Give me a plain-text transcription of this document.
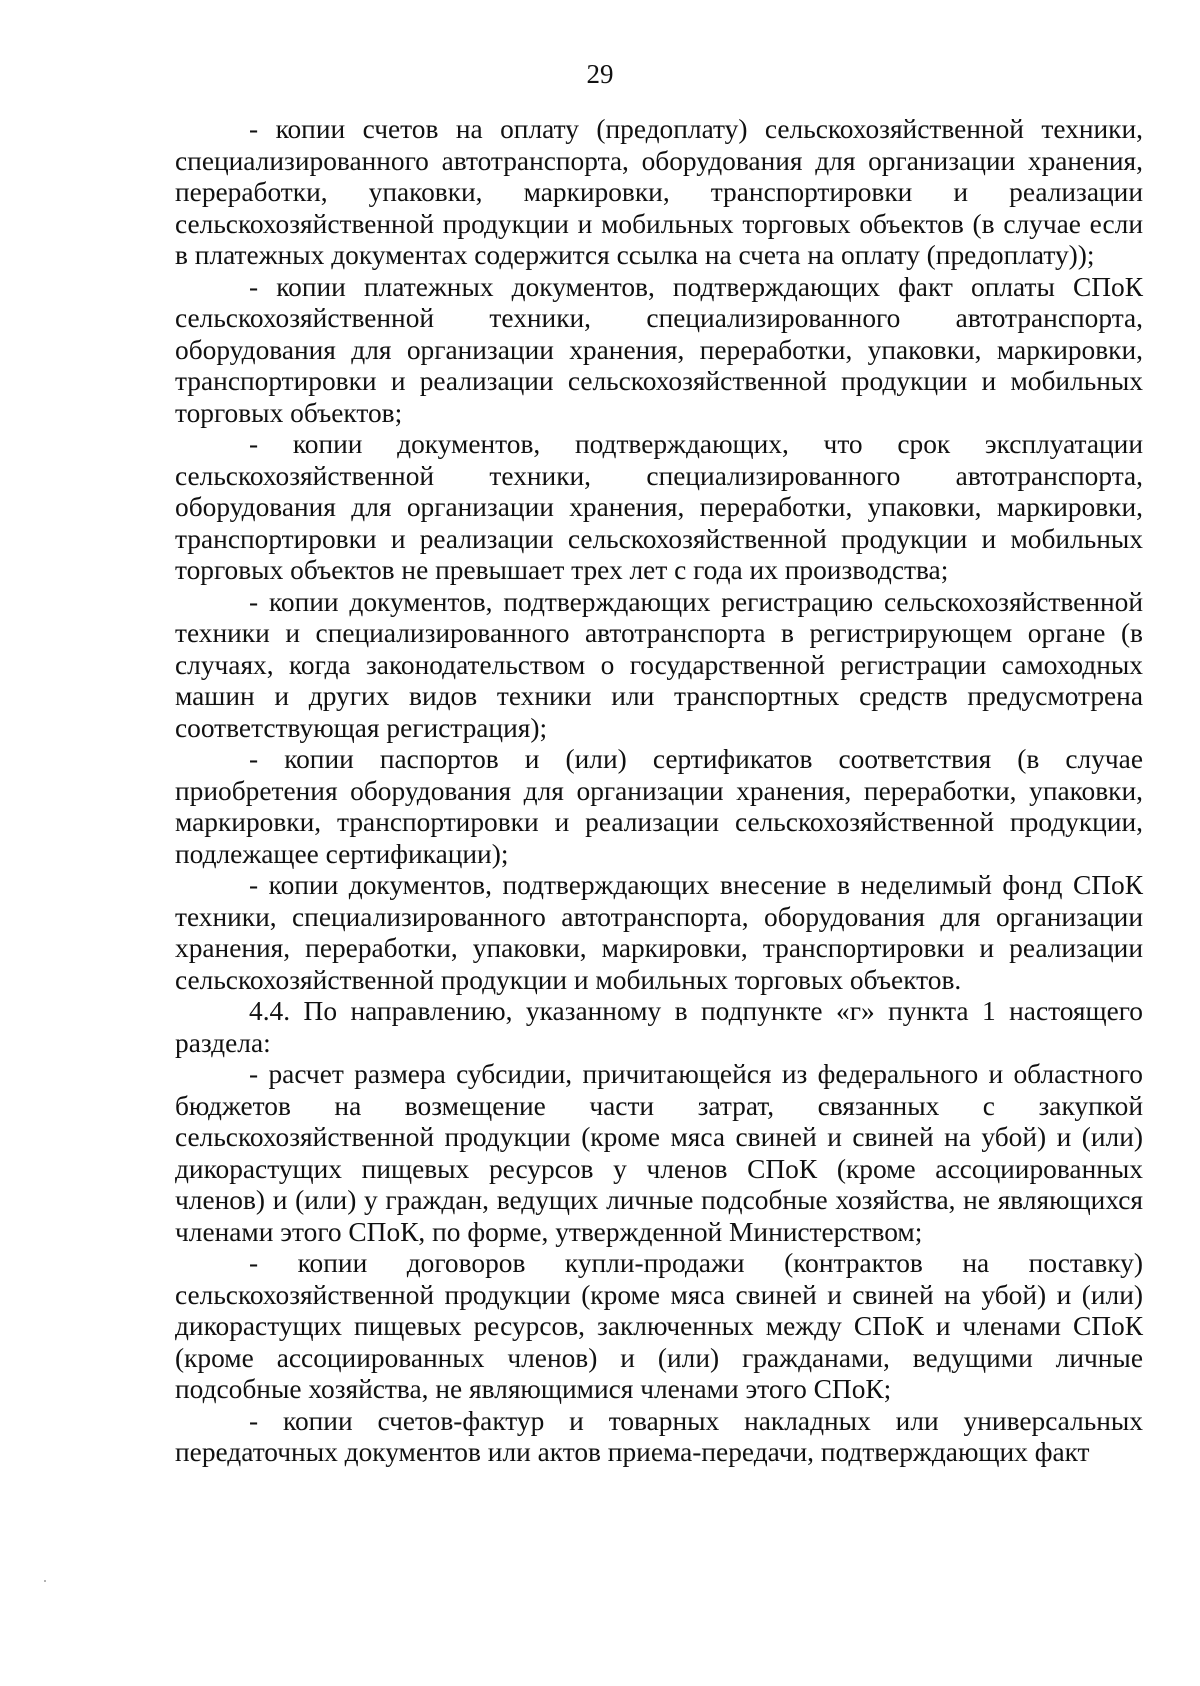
29

- копии счетов на оплату (предоплату) сельскохозяйственной техники, специализированного автотранспорта, оборудования для организации хранения, переработки, упаковки, маркировки, транспортировки и реализации сельскохозяйственной продукции и мобильных торговых объектов (в случае если в платежных документах содержится ссылка на счета на оплату (предоплату));

- копии платежных документов, подтверждающих факт оплаты СПоК сельскохозяйственной техники, специализированного автотранспорта, оборудования для организации хранения, переработки, упаковки, маркировки, транспортировки и реализации сельскохозяйственной продукции и мобильных торговых объектов;

- копии документов, подтверждающих, что срок эксплуатации сельскохозяйственной техники, специализированного автотранспорта, оборудования для организации хранения, переработки, упаковки, маркировки, транспортировки и реализации сельскохозяйственной продукции и мобильных торговых объектов не превышает трех лет с года их производства;

- копии документов, подтверждающих регистрацию сельскохозяйственной техники и специализированного автотранспорта в регистрирующем органе (в случаях, когда законодательством о государственной регистрации самоходных машин и других видов техники или транспортных средств предусмотрена соответствующая регистрация);

- копии паспортов и (или) сертификатов соответствия (в случае приобретения оборудования для организации хранения, переработки, упаковки, маркировки, транспортировки и реализации сельскохозяйственной продукции, подлежащее сертификации);

- копии документов, подтверждающих внесение в неделимый фонд СПоК техники, специализированного автотранспорта, оборудования для организации хранения, переработки, упаковки, маркировки, транспортировки и реализации сельскохозяйственной продукции и мобильных торговых объектов.

4.4. По направлению, указанному в подпункте «г» пункта 1 настоящего раздела:

- расчет размера субсидии, причитающейся из федерального и областного бюджетов на возмещение части затрат, связанных с закупкой сельскохозяйственной продукции (кроме мяса свиней и свиней на убой) и (или) дикорастущих пищевых ресурсов у членов СПоК (кроме ассоциированных членов) и (или) у граждан, ведущих личные подсобные хозяйства, не являющихся членами этого СПоК, по форме, утвержденной Министерством;

- копии договоров купли-продажи (контрактов на поставку) сельскохозяйственной продукции (кроме мяса свиней и свиней на убой) и (или) дикорастущих пищевых ресурсов, заключенных между СПоК и членами СПоК (кроме ассоциированных членов) и (или) гражданами, ведущими личные подсобные хозяйства, не являющимися членами этого СПоК;

- копии счетов-фактур и товарных накладных или универсальных передаточных документов или актов приема-передачи, подтверждающих факт
